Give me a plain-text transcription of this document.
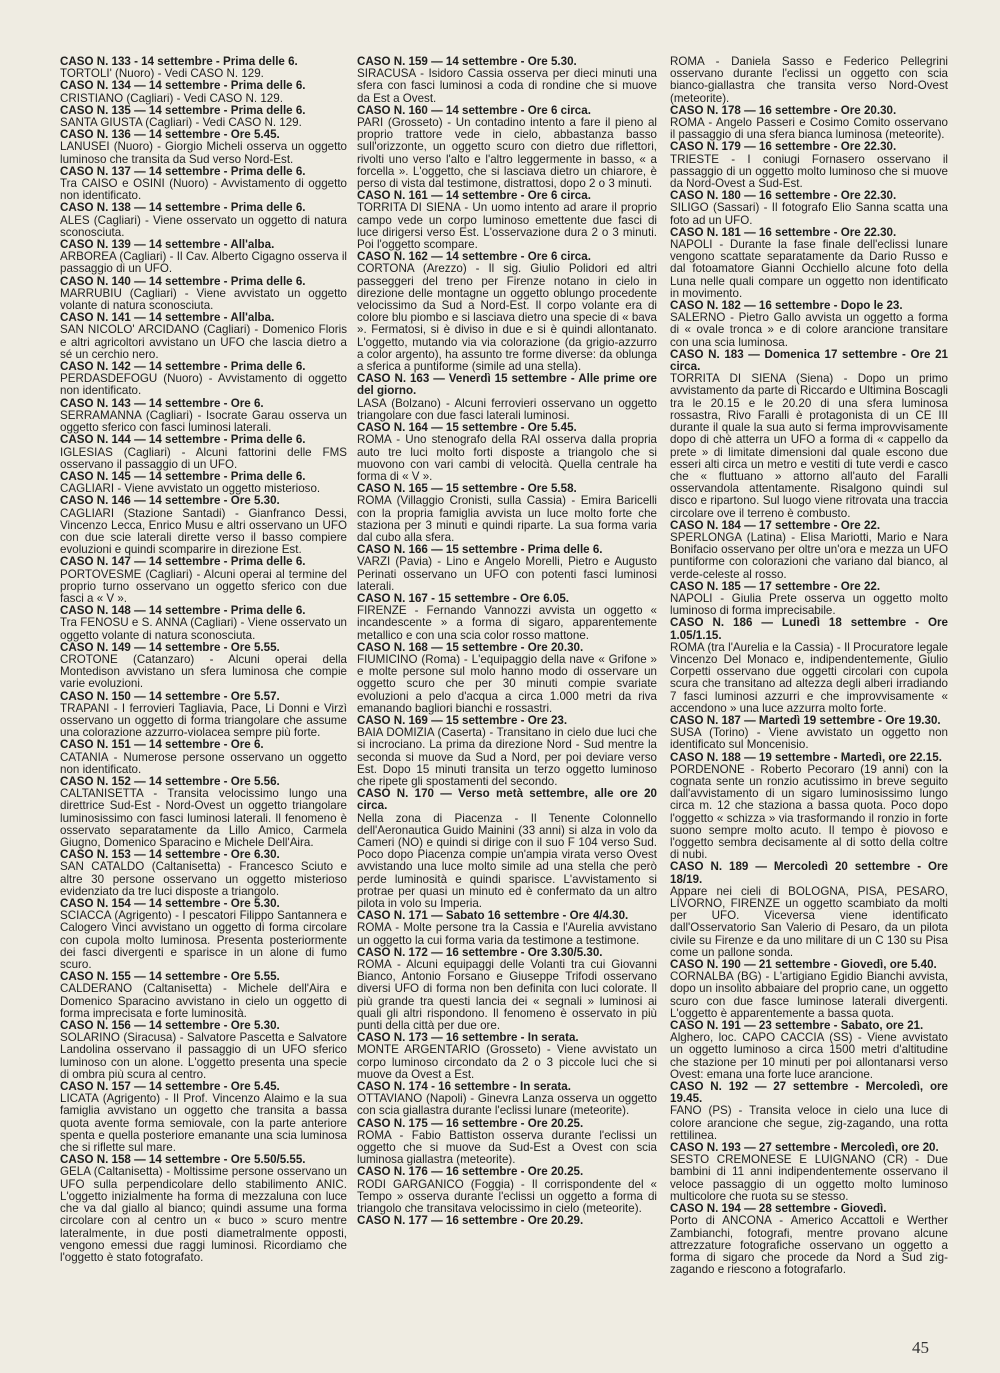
CASO N. 133 - 14 settembre - Prima delle 6.
TORTOLI' (Nuoro) - Vedi CASO N. 129.

CASO N. 134 — 14 settembre - Prima delle 6.
CRISTIANO (Cagliari) - Vedi CASO N. 129.

CASO N. 135 — 14 settembre - Prima delle 6.
SANTA GIUSTA (Cagliari) - Vedi CASO N. 129.

CASO N. 136 — 14 settembre - Ore 5.45.
LANUSEI (Nuoro) - Giorgio Micheli osserva un oggetto luminoso che transita da Sud verso Nord-Est.

CASO N. 137 — 14 settembre - Prima delle 6.
Tra CAISO e OSINI (Nuoro) - Avvistamento di oggetto non identificato.

CASO N. 138 — 14 settembre - Prima delle 6.
ALES (Cagliari) - Viene osservato un oggetto di natura sconosciuta.

CASO N. 139 — 14 settembre - All'alba.
ARBOREA (Cagliari) - Il Cav. Alberto Cigagno osserva il passaggio di un UFO.

CASO N. 140 — 14 settembre - Prima delle 6.
MARRUBIU (Cagliari) - Viene avvistato un oggetto volante di natura sconosciuta.

CASO N. 141 — 14 settembre - All'alba.
SAN NICOLO' ARCIDANO (Cagliari) - Domenico Floris e altri agricoltori avvistano un UFO che lascia dietro a sé un cerchio nero.

CASO N. 142 — 14 settembre - Prima delle 6.
PERDASDEFOGU (Nuoro) - Avvistamento di oggetto non identificato.

CASO N. 143 — 14 settembre - Ore 6.
SERRAMANNA (Cagliari) - Isocrate Garau osserva un oggetto sferico con fasci luminosi laterali.

CASO N. 144 — 14 settembre - Prima delle 6.
IGLESIAS (Cagliari) - Alcuni fattorini delle FMS osservano il passaggio di un UFO.

CASO N. 145 — 14 settembre - Prima delle 6.
CAGLIARI - Viene avvistato un oggetto misterioso.

CASO N. 146 — 14 settembre - Ore 5.30.
CAGLIARI (Stazione Santadi) - Gianfranco Dessi, Vincenzo Lecca, Enrico Musu e altri osservano un UFO con due scie laterali dirette verso il basso compiere evoluzioni e quindi scomparire in direzione Est.

CASO N. 147 — 14 settembre - Prima delle 6.
PORTOVESME (Cagliari) - Alcuni operai al termine del proprio turno osservano un oggetto sferico con due fasci a « V ».

CASO N. 148 — 14 settembre - Prima delle 6.
Tra FENOSU e S. ANNA (Cagliari) - Viene osservato un oggetto volante di natura sconosciuta.

CASO N. 149 — 14 settembre - Ore 5.55.
CROTONE (Catanzaro) - Alcuni operai della Montedison avvistano un sfera luminosa che compie varie evoluzioni.

CASO N. 150 — 14 settembre - Ore 5.57.
TRAPANI - I ferrovieri Tagliavia, Pace, Li Donni e Virzì osservano un oggetto di forma triangolare che assume una colorazione azzurro-violacea sempre più forte.

CASO N. 151 — 14 settembre - Ore 6.
CATANIA - Numerose persone osservano un oggetto non identificato.

CASO N. 152 — 14 settembre - Ore 5.56.
CALTANISETTA - Transita velocissimo lungo una direttrice Sud-Est - Nord-Ovest un oggetto triangolare luminosissimo con fasci luminosi laterali. Il fenomeno è osservato separatamente da Lillo Amico, Carmela Giugno, Domenico Sparacino e Michele Dell'Aira.

CASO N. 153 — 14 settembre - Ore 6.30.
SAN CATALDO (Caltanisetta) - Francesco Sciuto e altre 30 persone osservano un oggetto misterioso evidenziato da tre luci disposte a triangolo.

CASO N. 154 — 14 settembre - Ore 5.30.
SCIACCA (Agrigento) - I pescatori Filippo Santannera e Calogero Vinci avvistano un oggetto di forma circolare con cupola molto luminosa. Presenta posteriormente dei fasci divergenti e sparisce in un alone di fumo scuro.

CASO N. 155 — 14 settembre - Ore 5.55.
CALDERANO (Caltanisetta) - Michele dell'Aira e Domenico Sparacino avvistano in cielo un oggetto di forma imprecisata e forte luminosità.

CASO N. 156 — 14 settembre - Ore 5.30.
SOLARINO (Siracusa) - Salvatore Pascetta e Salvatore Landolina osservano il passaggio di un UFO sferico luminoso con un alone. L'oggetto presenta una specie di ombra più scura al centro.

CASO N. 157 — 14 settembre - Ore 5.45.
LICATA (Agrigento) - Il Prof. Vincenzo Alaimo e la sua famiglia avvistano un oggetto che transita a bassa quota avente forma semiovale, con la parte anteriore spenta e quella posteriore emanante una scia luminosa che si riflette sul mare.

CASO N. 158 — 14 settembre - Ore 5.50/5.55.
GELA (Caltanisetta) - Moltissime persone osservano un UFO sulla perpendicolare dello stabilimento ANIC. L'oggetto inizialmente ha forma di mezzaluna con luce che va dal giallo al bianco; quindi assume una forma circolare con al centro un « buco » scuro mentre lateralmente, in due posti diametralmente opposti, vengono emessi due raggi luminosi. Ricordiamo che l'oggetto è stato fotografato.

CASO N. 159 — 14 settembre - Ore 5.30.
SIRACUSA - Isidoro Cassia osserva per dieci minuti una sfera con fasci luminosi a coda di rondine che si muove da Est a Ovest.

CASO N. 160 — 14 settembre - Ore 6 circa.
PARI (Grosseto) - Un contadino intento a fare il pieno al proprio trattore vede in cielo, abbastanza basso sull'orizzonte, un oggetto scuro con dietro due riflettori, rivolti uno verso l'alto e l'altro leggermente in basso, « a forcella ». L'oggetto, che si lasciava dietro un chiarore, è perso di vista dal testimone, distrattosi, dopo 2 o 3 minuti.

CASO N. 161 — 14 settembre - Ore 6 circa.
TORRITA DI SIENA - Un uomo intento ad arare il proprio campo vede un corpo luminoso emettente due fasci di luce dirigersi verso Est. L'osservazione dura 2 o 3 minuti. Poi l'oggetto scompare.

CASO N. 162 — 14 settembre - Ore 6 circa.
CORTONA (Arezzo) - Il sig. Giulio Polidori ed altri passeggeri del treno per Firenze notano in cielo in direzione delle montagne un oggetto oblungo procedente velocissimo da Sud a Nord-Est. Il corpo volante era di colore blu piombo e si lasciava dietro una specie di « bava ». Fermatosi, si è diviso in due e si è quindi allontanato. L'oggetto, mutando via via colorazione (da grigio-azzurro a color argento), ha assunto tre forme diverse: da oblunga a sferica a puntiforme (simile ad una stella).

CASO N. 163 — Venerdì 15 settembre - Alle prime ore del giorno.
LASA (Bolzano) - Alcuni ferrovieri osservano un oggetto triangolare con due fasci laterali luminosi.

CASO N. 164 — 15 settembre - Ore 5.45.
ROMA - Uno stenografo della RAI osserva dalla propria auto tre luci molto forti disposte a triangolo che si muovono con vari cambi di velocità. Quella centrale ha forma di « V ».

CASO N. 165 — 15 settembre - Ore 5.58.
ROMA (Villaggio Cronisti, sulla Cassia) - Emira Baricelli con la propria famiglia avvista un luce molto forte che staziona per 3 minuti e quindi riparte. La sua forma varia dal cubo alla sfera.

CASO N. 166 — 15 settembre - Prima delle 6.
VARZI (Pavia) - Lino e Angelo Morelli, Pietro e Augusto Perinati osservano un UFO con potenti fasci luminosi laterali.

CASO N. 167 - 15 settembre - Ore 6.05.
FIRENZE - Fernando Vannozzi avvista un oggetto « incandescente » a forma di sigaro, apparentemente metallico e con una scia color rosso mattone.

CASO N. 168 — 15 settembre - Ore 20.30.
FIUMICINO (Roma) - L'equipaggio della nave « Grifone » e molte persone sul molo hanno modo di osservare un oggetto scuro che per 30 minuti compie svariate evoluzioni a pelo d'acqua a circa 1.000 metri da riva emanando bagliori bianchi e rossastri.

CASO N. 169 — 15 settembre - Ore 23.
BAIA DOMIZIA (Caserta) - Transitano in cielo due luci che si incrociano. La prima da direzione Nord - Sud mentre la seconda si muove da Sud a Nord, per poi deviare verso Est. Dopo 15 minuti transita un terzo oggetto luminoso che ripete gli spostamenti del secondo.

CASO N. 170 — Verso metà settembre, alle ore 20 circa.
Nella zona di Piacenza - Il Tenente Colonnello dell'Aeronautica Guido Mainini (33 anni) si alza in volo da Cameri (NO) e quindi si dirige con il suo F 104 verso Sud. Poco dopo Piacenza compie un'ampia virata verso Ovest avvistando una luce molto simile ad una stella che però perde luminosità e quindi sparisce. L'avvistamento si protrae per quasi un minuto ed è confermato da un altro pilota in volo su Imperia.

CASO N. 171 — Sabato 16 settembre - Ore 4/4.30.
ROMA - Molte persone tra la Cassia e l'Aurelia avvistano un oggetto la cui forma varia da testimone a testimone.

CASO N. 172 — 16 settembre - Ore 3.30/5.30.
ROMA - Alcuni equipaggi delle Volanti tra cui Giovanni Bianco, Antonio Forsano e Giuseppe Trifodi osservano diversi UFO di forma non ben definita con luci colorate. Il più grande tra questi lancia dei « segnali » luminosi ai quali gli altri rispondono. Il fenomeno è osservato in più punti della città per due ore.

CASO N. 173 — 16 settembre - In serata.
MONTE ARGENTARIO (Grosseto) - Viene avvistato un corpo luminoso circondato da 2 o 3 piccole luci che si muove da Ovest a Est.

CASO N. 174 - 16 settembre - In serata.
OTTAVIANO (Napoli) - Ginevra Lanza osserva un oggetto con scia giallastra durante l'eclissi lunare (meteorite).

CASO N. 175 — 16 settembre - Ore 20.25.
ROMA - Fabio Battiston osserva durante l'eclissi un oggetto che si muove da Sud-Est a Ovest con scia luminosa giallastra (meteorite).

CASO N. 176 — 16 settembre - Ore 20.25.
RODI GARGANICO (Foggia) - Il corrispondente del « Tempo » osserva durante l'eclissi un oggetto a forma di triangolo che transitava velocissimo in cielo (meteorite).

CASO N. 177 — 16 settembre - Ore 20.29.

ROMA - Daniela Sasso e Federico Pellegrini osservano durante l'eclissi un oggetto con scia bianco-giallastra che transita verso Nord-Ovest (meteorite).

CASO N. 178 — 16 settembre - Ore 20.30.
ROMA - Angelo Passeri e Cosimo Comito osservano il passaggio di una sfera bianca luminosa (meteorite).

CASO N. 179 — 16 settembre - Ore 22.30.
TRIESTE - I coniugi Fornasero osservano il passaggio di un oggetto molto luminoso che si muove da Nord-Ovest a Sud-Est.

CASO N. 180 — 16 settembre - Ore 22.30.
SILIGO (Sassari) - Il fotografo Elio Sanna scatta una foto ad un UFO.

CASO N. 181 — 16 settembre - Ore 22.30.
NAPOLI - Durante la fase finale dell'eclissi lunare vengono scattate separatamente da Dario Russo e dal fotoamatore Gianni Occhiello alcune foto della Luna nelle quali compare un oggetto non identificato in movimento.

CASO N. 182 — 16 settembre - Dopo le 23.
SALERNO - Pietro Gallo avvista un oggetto a forma di « ovale tronca » e di colore arancione transitare con una scia luminosa.

CASO N. 183 — Domenica 17 settembre - Ore 21 circa.
TORRITA DI SIENA (Siena) - Dopo un primo avvistamento da parte di Riccardo e Ultimina Boscagli tra le 20.15 e le 20.20 di una sfera luminosa rossastra, Rivo Faralli è protagonista di un CE III durante il quale la sua auto si ferma improvvisamente dopo di chè atterra un UFO a forma di « cappello da prete » di limitate dimensioni dal quale escono due esseri alti circa un metro e vestiti di tute verdi e casco che « fluttuano » attorno all'auto del Faralli osservandola attentamente. Risalgono quindi sul disco e ripartono. Sul luogo viene ritrovata una traccia circolare ove il terreno è combusto.

CASO N. 184 — 17 settembre - Ore 22.
SPERLONGA (Latina) - Elisa Mariotti, Mario e Nara Bonifacio osservano per oltre un'ora e mezza un UFO puntiforme con colorazioni che variano dal bianco, al verde-celeste al rosso.

CASO N. 185 — 17 settembre - Ore 22.
NAPOLI - Giulia Prete osserva un oggetto molto luminoso di forma imprecisabile.

CASO N. 186 — Lunedì 18 settembre - Ore 1.05/1.15.
ROMA (tra l'Aurelia e la Cassia) - Il Procuratore legale Vincenzo Del Monaco e, indipendentemente, Giulio Corpetti osservano due oggetti circolari con cupola scura che transitano ad altezza degli alberi irradiando 7 fasci luminosi azzurri e che improvvisamente « accendono » una luce azzurra molto forte.

CASO N. 187 — Martedì 19 settembre - Ore 19.30.
SUSA (Torino) - Viene avvistato un oggetto non identificato sul Moncenisio.

CASO N. 188 — 19 settembre - Martedì, ore 22.15.
PORDENONE - Roberto Pecoraro (19 anni) con la cognata sente un ronzio acutissimo in breve seguito dall'avvistamento di un sigaro luminosissimo lungo circa m. 12 che staziona a bassa quota. Poco dopo l'oggetto « schizza » via trasformando il ronzio in forte suono sempre molto acuto. Il tempo è piovoso e l'oggetto sembra decisamente al di sotto della coltre di nubi.

CASO N. 189 — Mercoledì 20 settembre - Ore 18/19.
Appare nei cieli di BOLOGNA, PISA, PESARO, LIVORNO, FIRENZE un oggetto scambiato da molti per UFO. Viceversa viene identificato dall'Osservatorio San Valerio di Pesaro, da un pilota civile su Firenze e da uno militare di un C 130 su Pisa come un pallone sonda.

CASO N. 190 — 21 settembre - Giovedì, ore 5.40.
CORNALBA (BG) - L'artigiano Egidio Bianchi avvista, dopo un insolito abbaiare del proprio cane, un oggetto scuro con due fasce luminose laterali divergenti. L'oggetto è apparentemente a bassa quota.

CASO N. 191 — 23 settembre - Sabato, ore 21.
Alghero, loc. CAPO CACCIA (SS) - Viene avvistato un oggetto luminoso a circa 1500 metri d'altitudine che stazione per 10 minuti per poi allontanarsi verso Ovest: emana una forte luce arancione.

CASO N. 192 — 27 settembre - Mercoledì, ore 19.45.
FANO (PS) - Transita veloce in cielo una luce di colore arancione che segue, zig-zagando, una rotta rettilinea.

CASO N. 193 — 27 settembre - Mercoledì, ore 20.
SESTO CREMONESE E LUIGNANO (CR) - Due bambini di 11 anni indipendentemente osservano il veloce passaggio di un oggetto molto luminoso multicolore che ruota su se stesso.

CASO N. 194 — 28 settembre - Giovedì.
Porto di ANCONA - Americo Accattoli e Werther Zambianchi, fotografi, mentre provano alcune attrezzature fotografiche osservano un oggetto a forma di sigaro che procede da Nord a Sud zig-zagando e riescono a fotografarlo.

45
